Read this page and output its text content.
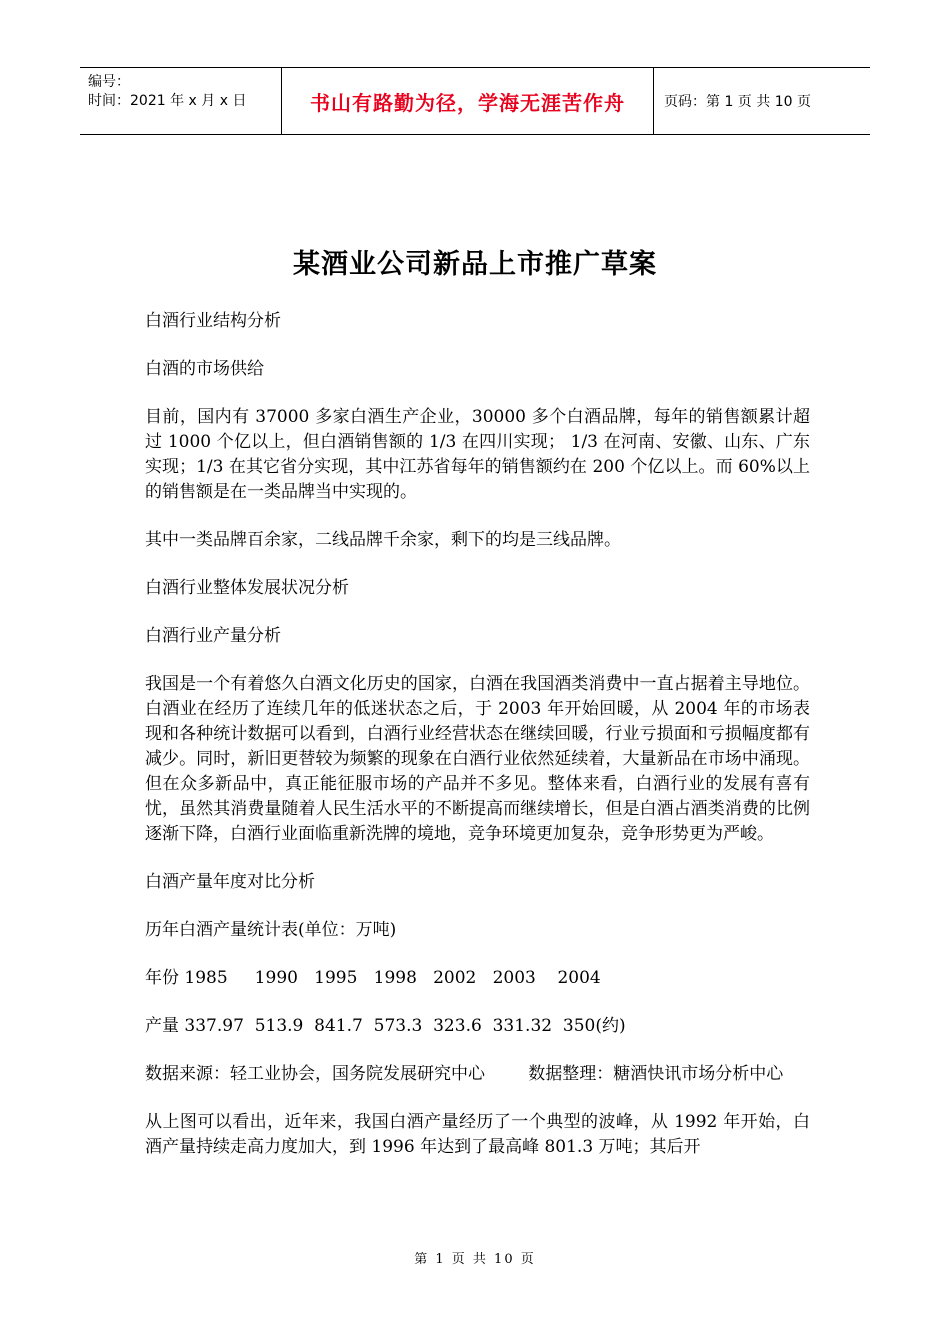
编号：
时间：2021 年 x 月 x 日	书山有路勤为径，学海无涯苦作舟	页码：第 1 页 共 10 页
某酒业公司新品上市推广草案

白酒行业结构分析

白酒的市场供给

目前，国内有 37000 多家白酒生产企业，30000 多个白酒品牌，每年的销售额累计超过 1000 个亿以上，但白酒销售额的 1/3 在四川实现； 1/3 在河南、安徽、山东、广东实现；1/3 在其它省分实现，其中江苏省每年的销售额约在 200 个亿以上。而 60%以上的销售额是在一类品牌当中实现的。

其中一类品牌百余家，二线品牌千余家，剩下的均是三线品牌。

白酒行业整体发展状况分析

白酒行业产量分析

我国是一个有着悠久白酒文化历史的国家，白酒在我国酒类消费中一直占据着主导地位。白酒业在经历了连续几年的低迷状态之后，于 2003 年开始回暖，从 2004 年的市场表现和各种统计数据可以看到，白酒行业经营状态在继续回暖，行业亏损面和亏损幅度都有减少。同时，新旧更替较为频繁的现象在白酒行业依然延续着，大量新品在市场中涌现。但在众多新品中，真正能征服市场的产品并不多见。整体来看，白酒行业的发展有喜有忧，虽然其消费量随着人民生活水平的不断提高而继续增长，但是白酒占酒类消费的比例逐渐下降，白酒行业面临重新洗牌的境地，竞争环境更加复杂，竞争形势更为严峻。

白酒产量年度对比分析

历年白酒产量统计表(单位：万吨)

年份 1985     1990   1995   1998   2002   2003    2004

产量 337.97  513.9  841.7  573.3  323.6  331.32  350(约)

数据来源：轻工业协会，国务院发展研究中心        数据整理：糖酒快讯市场分析中心

从上图可以看出，近年来，我国白酒产量经历了一个典型的波峰，从 1992 年开始，白酒产量持续走高力度加大，到 1996 年达到了最高峰 801.3 万吨；其后开

第 1 页 共 10 页
